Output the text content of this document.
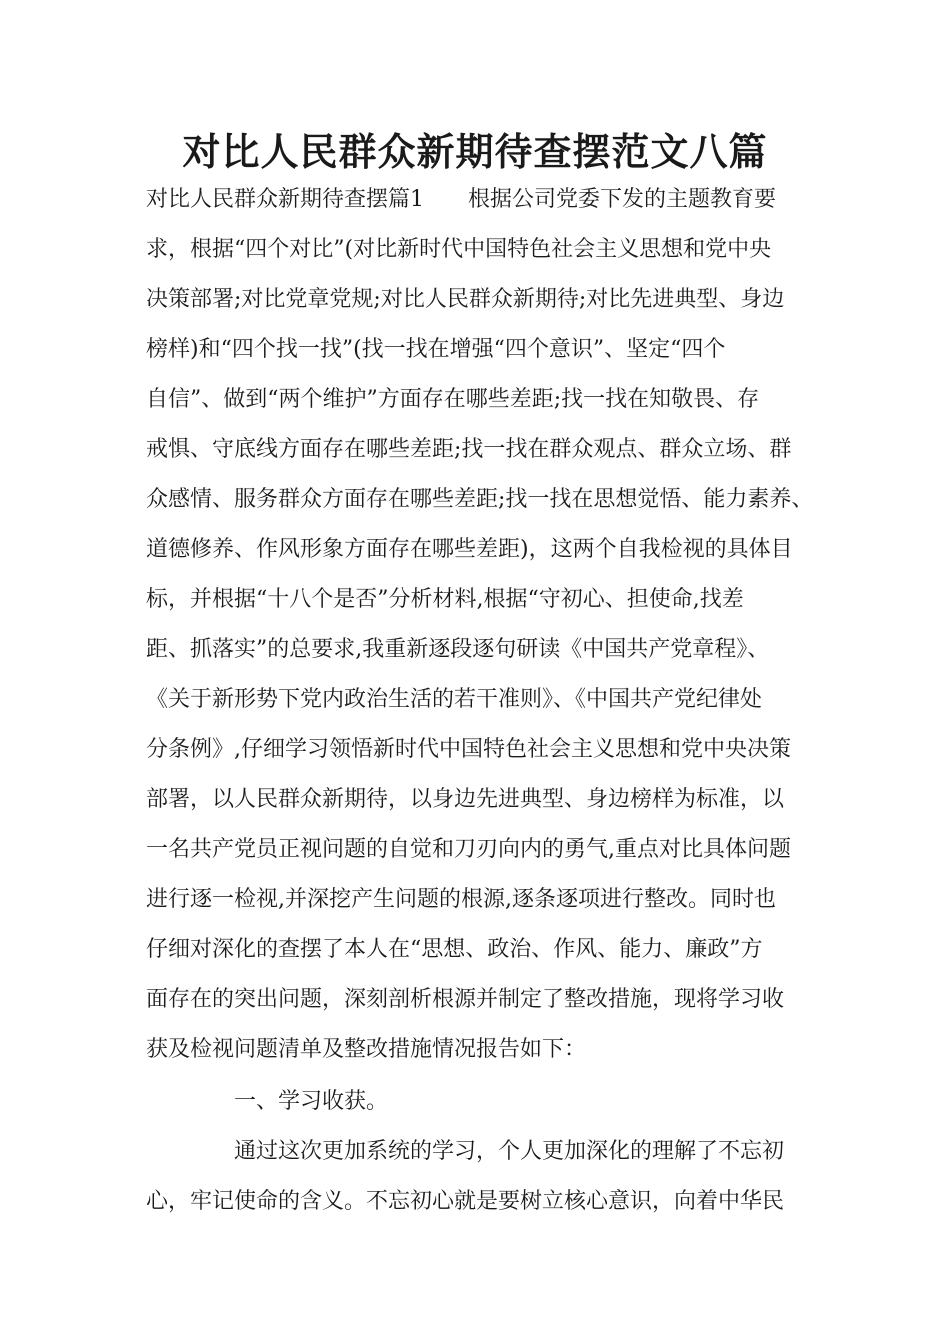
对比人民群众新期待查摆范文八篇
对比人民群众新期待查摆篇1　　根据公司党委下发的主题教育要
求，根据“四个对比”(对比新时代中国特色社会主义思想和党中央
决策部署;对比党章党规;对比人民群众新期待;对比先进典型、身边
榜样)和“四个找一找”(找一找在增强“四个意识”、坚定“四个
自信”、做到“两个维护”方面存在哪些差距;找一找在知敬畏、存
戒惧、守底线方面存在哪些差距;找一找在群众观点、群众立场、群
众感情、服务群众方面存在哪些差距;找一找在思想觉悟、能力素养、
道德修养、作风形象方面存在哪些差距)，这两个自我检视的具体目
标，并根据“十八个是否”分析材料,根据“守初心、担使命,找差
距、抓落实”的总要求,我重新逐段逐句研读《中国共产党章程》、
《关于新形势下党内政治生活的若干准则》、《中国共产党纪律处
分条例》,仔细学习领悟新时代中国特色社会主义思想和党中央决策
部署，以人民群众新期待，以身边先进典型、身边榜样为标准，以
一名共产党员正视问题的自觉和刀刃向内的勇气,重点对比具体问题
进行逐一检视,并深挖产生问题的根源,逐条逐项进行整改。同时也
仔细对深化的查摆了本人在“思想、政治、作风、能力、廉政”方
面存在的突出问题，深刻剖析根源并制定了整改措施，现将学习收
获及检视问题清单及整改措施情况报告如下：
一、学习收获。
通过这次更加系统的学习，个人更加深化的理解了不忘初
心，牢记使命的含义。不忘初心就是要树立核心意识，向着中华民
